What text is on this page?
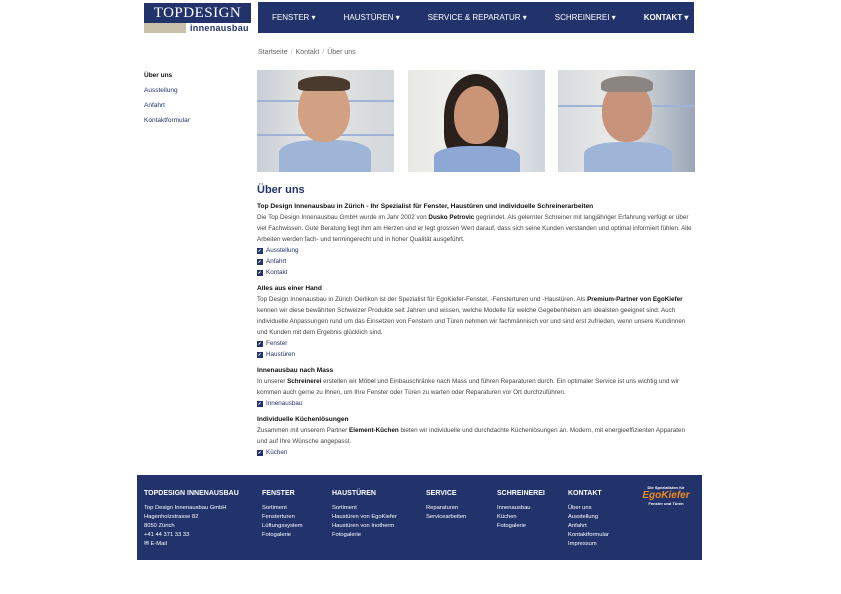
TOPDESIGN
innenausbau
FENSTER ▾	HAUSTÜREN ▾	SERVICE & REPARATUR ▾	SCHREINEREI ▾	KONTAKT ▾
Startseite / Kontakt / Über uns
Über uns
Ausstellung
Anfahrt
Kontaktformular
Über uns
Top Design Innenausbau in Zürich - Ihr Spezialist für Fenster, Haustüren und individuelle Schreinerarbeiten

Die Top Design Innenausbau GmbH wurde im Jahr 2002 von Dusko Petrovic gegründet. Als gelernter Schreiner mit langjähriger Erfahrung verfügt er über viel Fachwissen. Gute Beratung liegt ihm am Herzen und er legt grossen Wert darauf, dass sich seine Kunden verstanden und optimal informiert fühlen. Alle Arbeiten werden fach- und termingerecht und in hoher Qualität ausgeführt.

Ausstellung
Anfahrt
Kontakt
Alles aus einer Hand

Top Design Innenausbau in Zürich Oerlikon ist der Spezialist für EgoKiefer-Fenster, -Fensterturen und -Haustüren. Als Premium-Partner von EgoKiefer kennen wir diese bewährten Schweizer Produkte seit Jahren und wissen, welche Modelle für welche Gegebenheiten am idealsten geeignet sind. Auch individuelle Anpassungen rund um das Einsetzen von Fenstern und Türen nehmen wir fachmännisch vor und sind erst zufrieden, wenn unsere Kundinnen und Kunden mit dem Ergebnis glücklich sind.

Fenster
Haustüren
Innenausbau nach Mass

In unserer Schreinerei erstellen wir Möbel und Einbauschränke nach Mass und führen Reparaturen durch. Ein optimaler Service ist uns wichtig und wir kommen auch gerne zu Ihnen, um Ihre Fenster oder Türen zu warten oder Reparaturen vor Ort durchzuführen.

Innenausbau
Individuelle Küchenlösungen

Zusammen mit unserem Partner Element-Küchen bieten wir individuelle und durchdachte Küchenlösungen an. Modern, mit energieeffizienten Apparaten und auf Ihre Wünsche angepasst.

Küchen
TOPDESIGN INNENAUSBAU
Top Design Innenausbau GmbH
Hagenholzstrasse 82
8050 Zürich
+41 44 371 33 33
✉ E-Mail
FENSTER
Sortiment
Fensterturen
Lüftungssystem
Fotogalerie
HAUSTÜREN
Sortiment
Haustüren von EgoKiefer
Haustüren von Inotherm
Fotogalerie
SERVICE
Reparaturen
Servicearbeiten
SCHREINEREI
Innenausbau
Küchen
Fotogalerie
KONTAKT
Über uns
Ausstellung
Anfahrt
Kontaktformular
Impressum
Die Spezialisten für
EgoKiefer
Fenster und Türen
